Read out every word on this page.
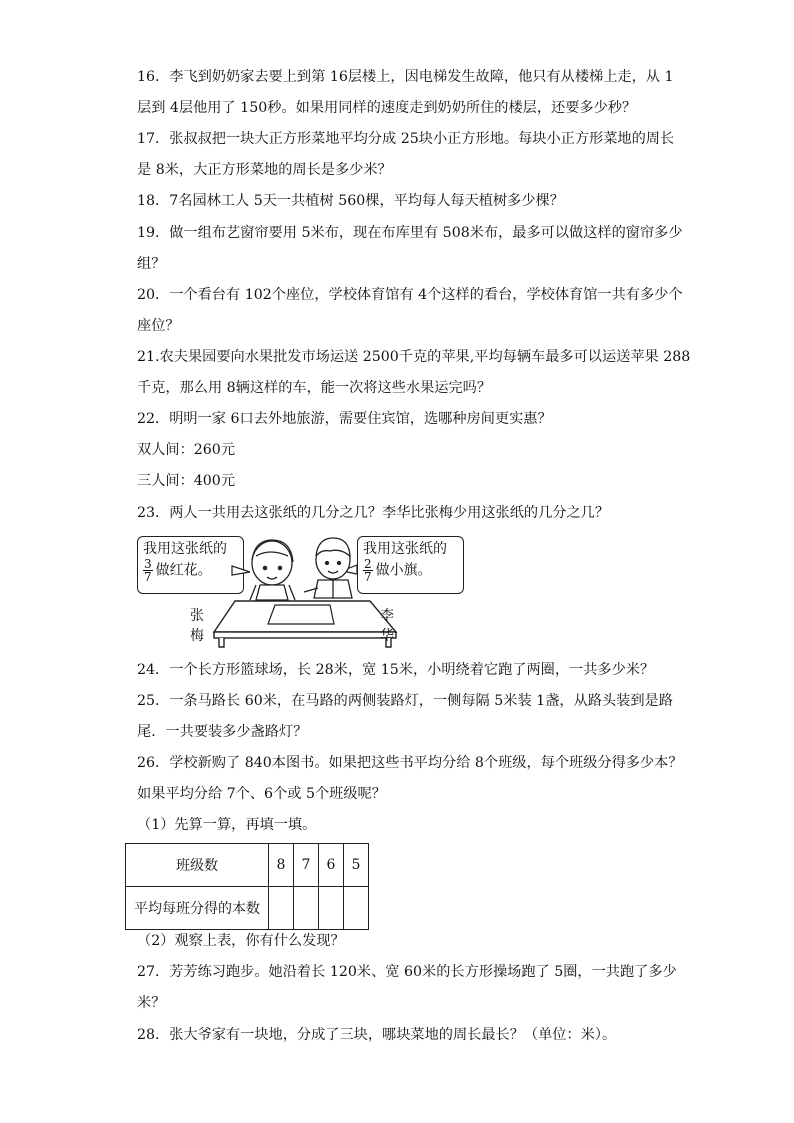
16．李飞到奶奶家去要上到第 16层楼上，因电梯发生故障，他只有从楼梯上走，从 1
层到 4层他用了 150秒。如果用同样的速度走到奶奶所住的楼层，还要多少秒？
17．张叔叔把一块大正方形菜地平均分成 25块小正方形地。每块小正方形菜地的周长
是 8米，大正方形菜地的周长是多少米？
18．7名园林工人 5天一共植树 560棵，平均每人每天植树多少棵？
19．做一组布艺窗帘要用 5米布，现在布库里有 508米布，最多可以做这样的窗帘多少
组？
20．一个看台有 102个座位，学校体育馆有 4个这样的看台，学校体育馆一共有多少个
座位？
21.农夫果园要向水果批发市场运送 2500千克的苹果,平均每辆车最多可以运送苹果 288
千克，那么用 8辆这样的车，能一次将这些水果运完吗？
22．明明一家 6口去外地旅游，需要住宾馆，选哪种房间更实惠？
双人间：260元
三人间：400元
23．两人一共用去这张纸的几分之几？李华比张梅少用这张纸的几分之几？
24．一个长方形篮球场，长 28米，宽 15米，小明绕着它跑了两圈，一共多少米？
25．一条马路长 60米，在马路的两侧装路灯，一侧每隔 5米装 1盏，从路头装到是路
尾．一共要装多少盏路灯？
26．学校新购了 840本图书。如果把这些书平均分给 8个班级，每个班级分得多少本？
如果平均分给 7个、6个或 5个班级呢？
（1）先算一算，再填一填。
（2）观察上表，你有什么发现？
27．芳芳练习跑步。她沿着长 120米、宽 60米的长方形操场跑了 5圈，一共跑了多少
米？
28．张大爷家有一块地，分成了三块，哪块菜地的周长最长？（单位：米）。
我用这张纸的
$\frac{3}{7}$ 做红花。
我用这张纸的
$\frac{2}{7}$ 做小旗。
张梅
李华
班级数	8	7	6	5
平均每班分得的本数				
